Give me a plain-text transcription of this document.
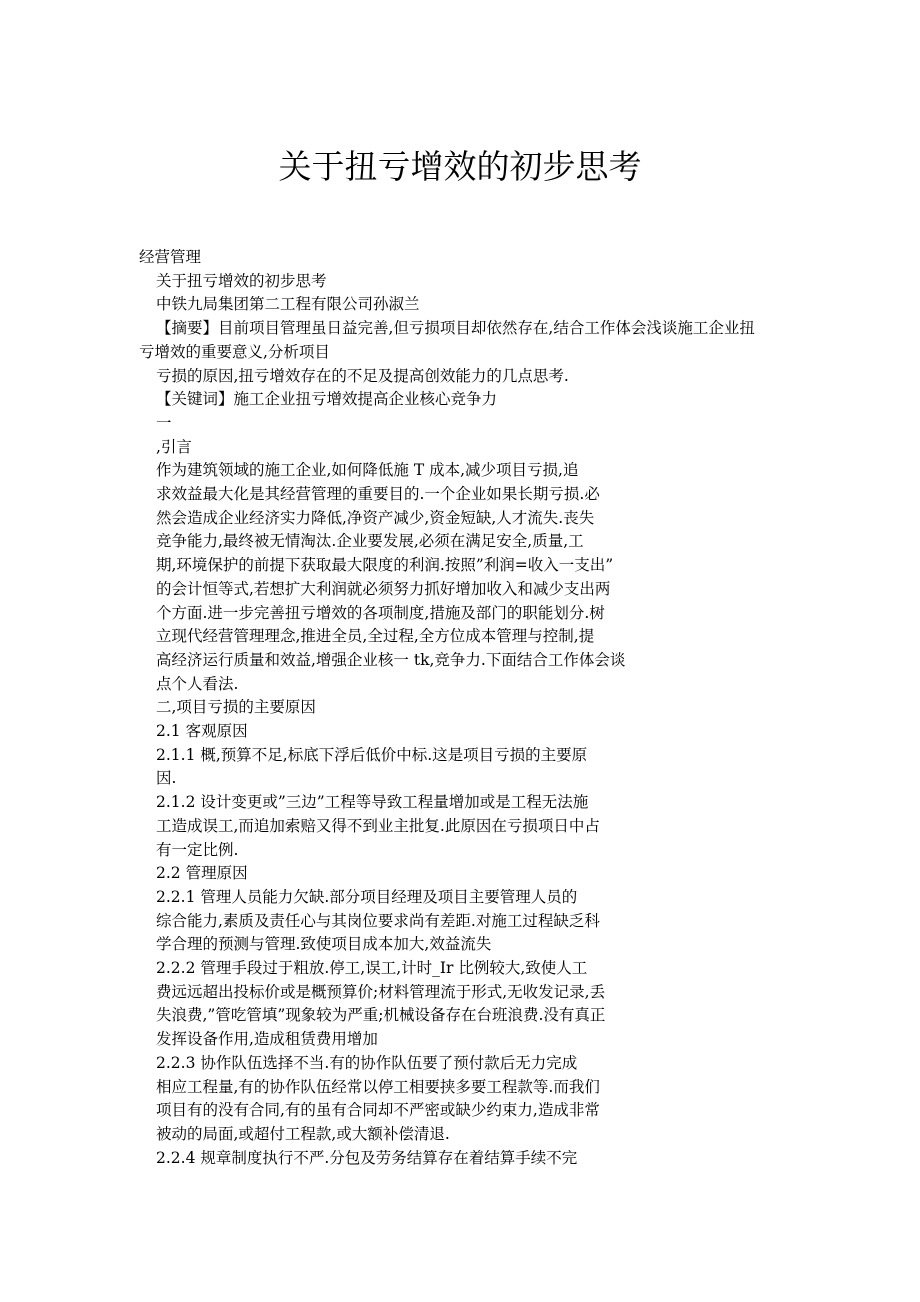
关于扭亏增效的初步思考
经营管理
关于扭亏增效的初步思考
中铁九局集团第二工程有限公司孙淑兰
【摘要】目前项目管理虽日益完善,但亏损项目却依然存在,结合工作体会浅谈施工企业扭
亏增效的重要意义,分析项目
亏损的原因,扭亏增效存在的不足及提高创效能力的几点思考.
【关键词】施工企业扭亏增效提高企业核心竞争力
一
,引言
作为建筑领域的施工企业,如何降低施 T 成本,减少项目亏损,追
求效益最大化是其经营管理的重要目的.一个企业如果长期亏损.必
然会造成企业经济实力降低,净资产减少,资金短缺,人才流失.丧失
竞争能力,最终被无情淘汰.企业要发展,必须在满足安全,质量,工
期,环境保护的前提下获取最大限度的利润.按照”利润=收入一支出”
的会计恒等式,若想扩大利润就必须努力抓好增加收入和减少支出两
个方面.进一步完善扭亏增效的各项制度,措施及部门的职能划分.树
立现代经营管理理念,推进全员,全过程,全方位成本管理与控制,提
高经济运行质量和效益,增强企业核一 tk,竞争力.下面结合工作体会谈
点个人看法.
二,项目亏损的主要原因
2.1 客观原因
2.1.1 概,预算不足,标底下浮后低价中标.这是项目亏损的主要原
因.
2.1.2 设计变更或”三边”工程等导致工程量增加或是工程无法施
工造成误工,而追加索赔又得不到业主批复.此原因在亏损项日中占
有一定比例.
2.2 管理原因
2.2.1 管理人员能力欠缺.部分项目经理及项目主要管理人员的
综合能力,素质及责任心与其岗位要求尚有差距.对施工过程缺乏科
学合理的预测与管理.致使项目成本加大,效益流失
2.2.2 管理手段过于粗放.停工,误工,计时_Ir 比例较大,致使人工
费远远超出投标价或是概预算价;材料管理流于形式,无收发记录,丢
失浪费,”管吃管填”现象较为严重;机械设备存在台班浪费.没有真正
发挥设备作用,造成租赁费用增加
2.2.3 协作队伍选择不当.有的协作队伍要了预付款后无力完成
相应工程量,有的协作队伍经常以停工相要挟多要工程款等.而我们
项目有的没有合同,有的虽有合同却不严密或缺少约束力,造成非常
被动的局面,或超付工程款,或大额补偿清退.
2.2.4 规章制度执行不严.分包及劳务结算存在着结算手续不完
